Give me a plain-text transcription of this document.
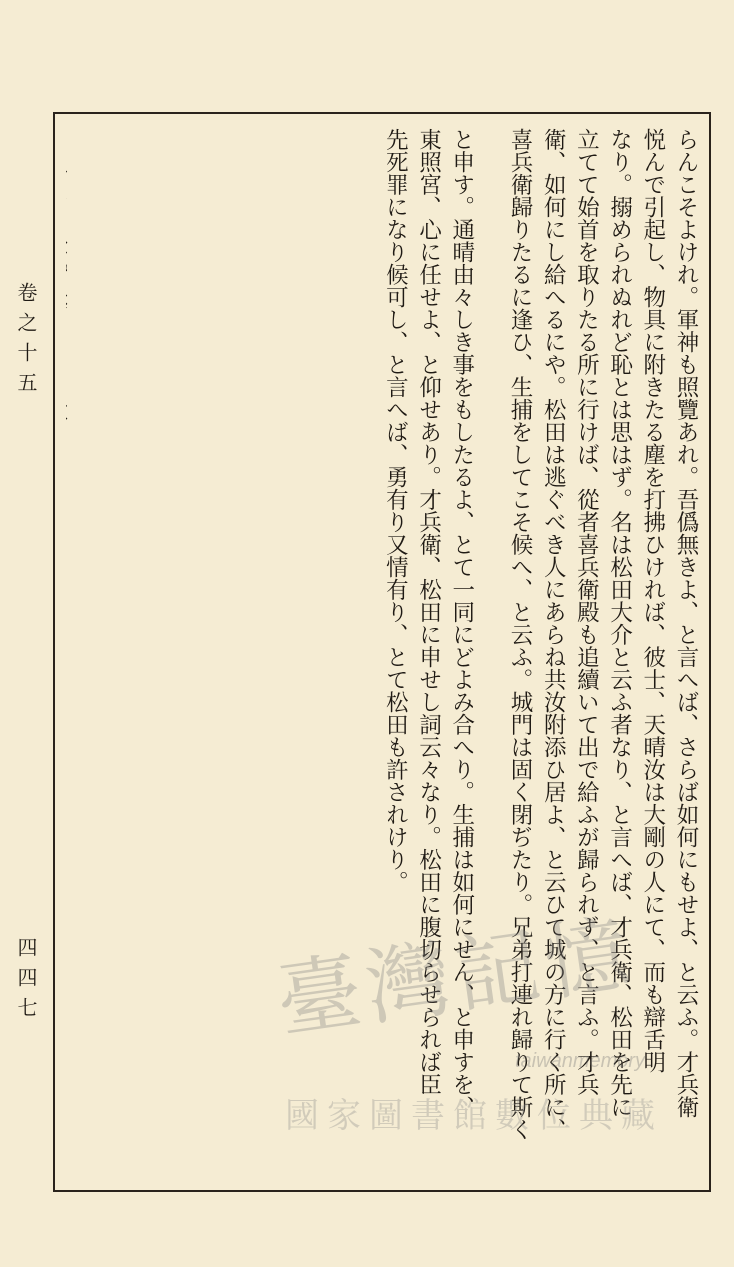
卷之十五
四四七	らんこそよけれ。軍神も照覽あれ。吾僞無きよ、と言へば、さらば如何にもせよ、と云ふ。才兵衛
悦んで引起し、物具に附きたる塵を打拂ひければ、彼士、天晴汝は大剛の人にて、而も辯舌明
なり。搦められぬれど恥とは思はず。名は松田大介と云ふ者なり、と言へば、才兵衛、松田を先に
立てて始首を取りたる所に行けば、從者喜兵衛殿も追續いて出で給ふが歸られず、と言ふ。才兵
衛、如何にし給へるにや。松田は逃ぐべき人にあらね共汝附添ひ居よ、と云ひて城の方に行く所に、
喜兵衛歸りたるに逢ひ、生捕をしてこそ候へ、と云ふ。城門は固く閉ぢたり。兄弟打連れ歸りて斯く
と申す。通晴由々しき事をもしたるよ、とて一同にどよみ合へり。生捕は如何にせん、と申すを、
東照宮、心に任せよ、と仰せあり。才兵衛、松田に申せし詞云々なり。松田に腹切らせられば臣
先死罪になり候可し、と言へば、勇有り又情有り、とて松田も許されけり。
臺灣記憶
taiwanmemory
國家圖書館數位典藏
